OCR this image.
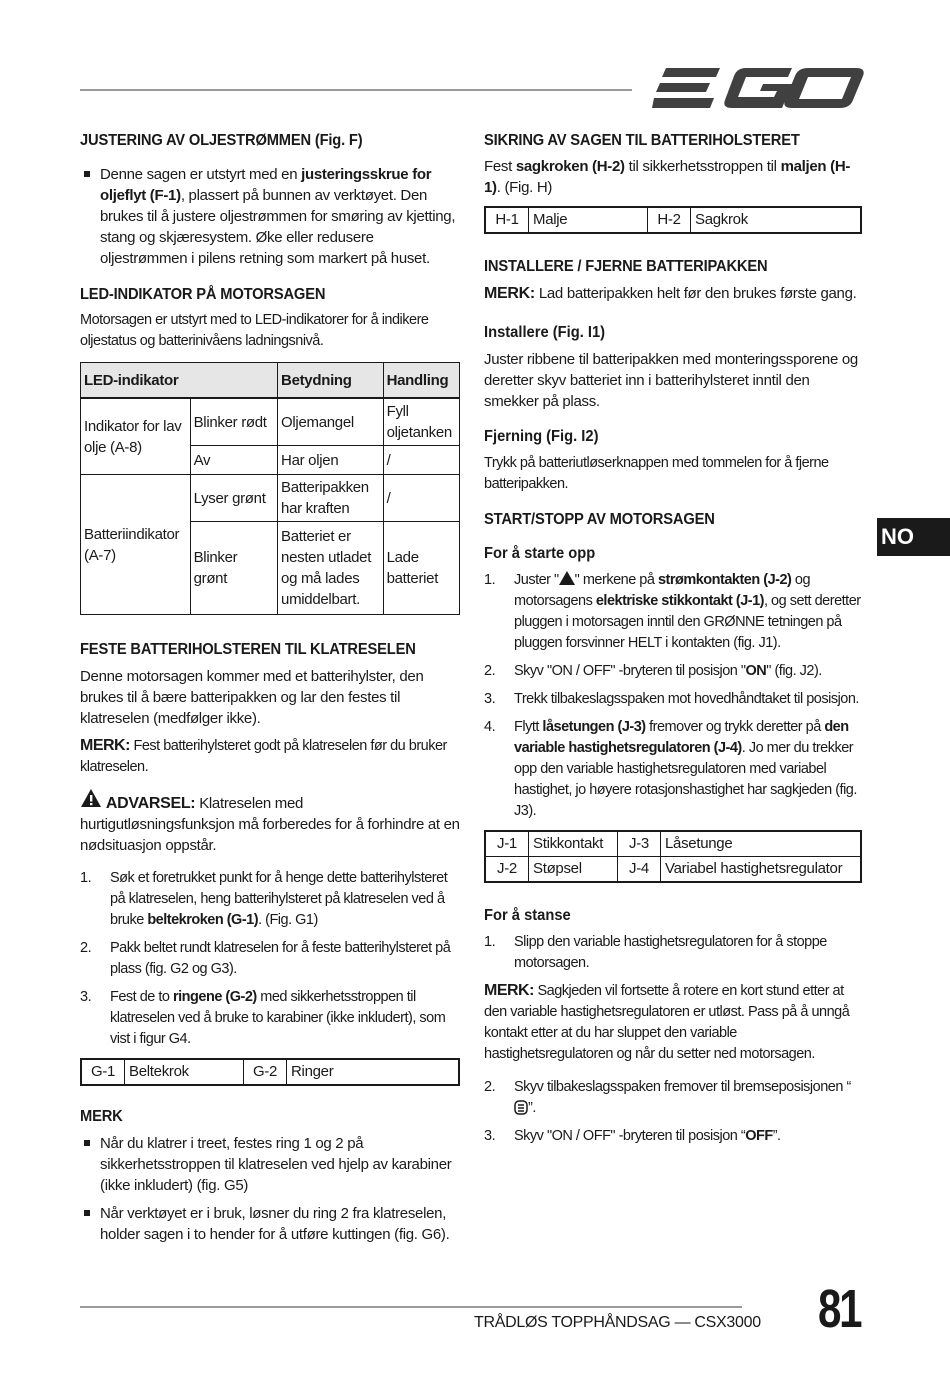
JUSTERING AV OLJESTRØMMEN (Fig. F)

Denne sagen er utstyrt med en justeringsskrue for oljeflyt (F-1), plassert på bunnen av verktøyet. Den brukes til å justere oljestrømmen for smøring av kjetting, stang og skjæresystem. Øke eller redusere oljestrømmen i pilens retning som markert på huset.

LED-INDIKATOR PÅ MOTORSAGEN

Motorsagen er utstyrt med to LED-indikatorer for å indikere oljestatus og batterinivåens ladningsnivå.

LED-indikator		Betydning	Handling
Indikator for lav olje (A-8)	Blinker rødt	Oljemangel	Fyll oljetanken
	Av	Har oljen	/
Batteriindikator (A-7)	Lyser grønt	Batteripakken har kraften	/
	Blinker grønt	Batteriet er nesten utladet og må lades umiddelbart.	Lade batteriet

FESTE BATTERIHOLSTEREN TIL KLATRESELEN

Denne motorsagen kommer med et batterihylster, den brukes til å bære batteripakken og lar den festes til klatreselen (medfølger ikke).

MERK: Fest batterihylsteret godt på klatreselen før du bruker klatreselen.

ADVARSEL: Klatreselen med hurtigutløsningsfunksjon må forberedes for å forhindre at en nødsituasjon oppstår.
1. Søk et foretrukket punkt for å henge dette batterihylsteret på klatreselen, heng batterihylsteret på klatreselen ved å bruke beltekroken (G-1). (Fig. G1)
2. Pakk beltet rundt klatreselen for å feste batterihylsteret på plass (fig. G2 og G3).
3. Fest de to ringene (G-2) med sikkerhetsstroppen til klatreselen ved å bruke to karabiner (ikke inkludert), som vist i figur G4.
G-1	Beltekrok	G-2	Ringer

MERK

Når du klatrer i treet, festes ring 1 og 2 på sikkerhetsstroppen til klatreselen ved hjelp av karabiner (ikke inkludert) (fig. G5)
Når verktøyet er i bruk, løsner du ring 2 fra klatreselen, holder sagen i to hender for å utføre kuttingen (fig. G6).

SIKRING AV SAGEN TIL BATTERIHOLSTERET

Fest sagkroken (H-2) til sikkerhetsstroppen til maljen (H-1). (Fig. H)

H-1	Malje	H-2	Sagkrok

INSTALLERE / FJERNE BATTERIPAKKEN

MERK: Lad batteripakken helt før den brukes første gang.

Installere (Fig. I1)

Juster ribbene til batteripakken med monteringssporene og deretter skyv batteriet inn i batterihylsteret inntil den smekker på plass.

Fjerning (Fig. I2)

Trykk på batteriutløserknappen med tommelen for å fjerne batteripakken.

START/STOPP AV MOTORSAGEN

For å starte opp

1. Juster " " merkene på strømkontakten (J-2) og motorsagens elektriske stikkontakt (J-1), og sett deretter pluggen i motorsagen inntil den GRØNNE tetningen på pluggen forsvinner HELT i kontakten (fig. J1).
2. Skyv "ON / OFF" -bryteren til posisjon "ON" (fig. J2).
3. Trekk tilbakeslagsspaken mot hovedhåndtaket til posisjon.
4. Flytt låsetungen (J-3) fremover og trykk deretter på den variable hastighetsregulatoren (J-4). Jo mer du trekker opp den variable hastighetsregulatoren med variabel hastighet, jo høyere rotasjonshastighet har sagkjeden (fig. J3).
J-1	Stikkontakt	J-3	Låsetunge
J-2	Støpsel	J-4	Variabel hastighetsregulator

For å stanse

1. Slipp den variable hastighetsregulatoren for å stoppe motorsagen.

MERK: Sagkjeden vil fortsette å rotere en kort stund etter at den variable hastighetsregulatoren er utløst. Pass på å unngå kontakt etter at du har sluppet den variable hastighetsregulatoren og når du setter ned motorsagen.

2. Skyv tilbakeslagsspaken fremover til bremseposisjonen “”.
3. Skyv "ON / OFF" -bryteren til posisjon “OFF”.
NO
TRÅDLØS TOPPHÅNDSAG — CSX3000 81
